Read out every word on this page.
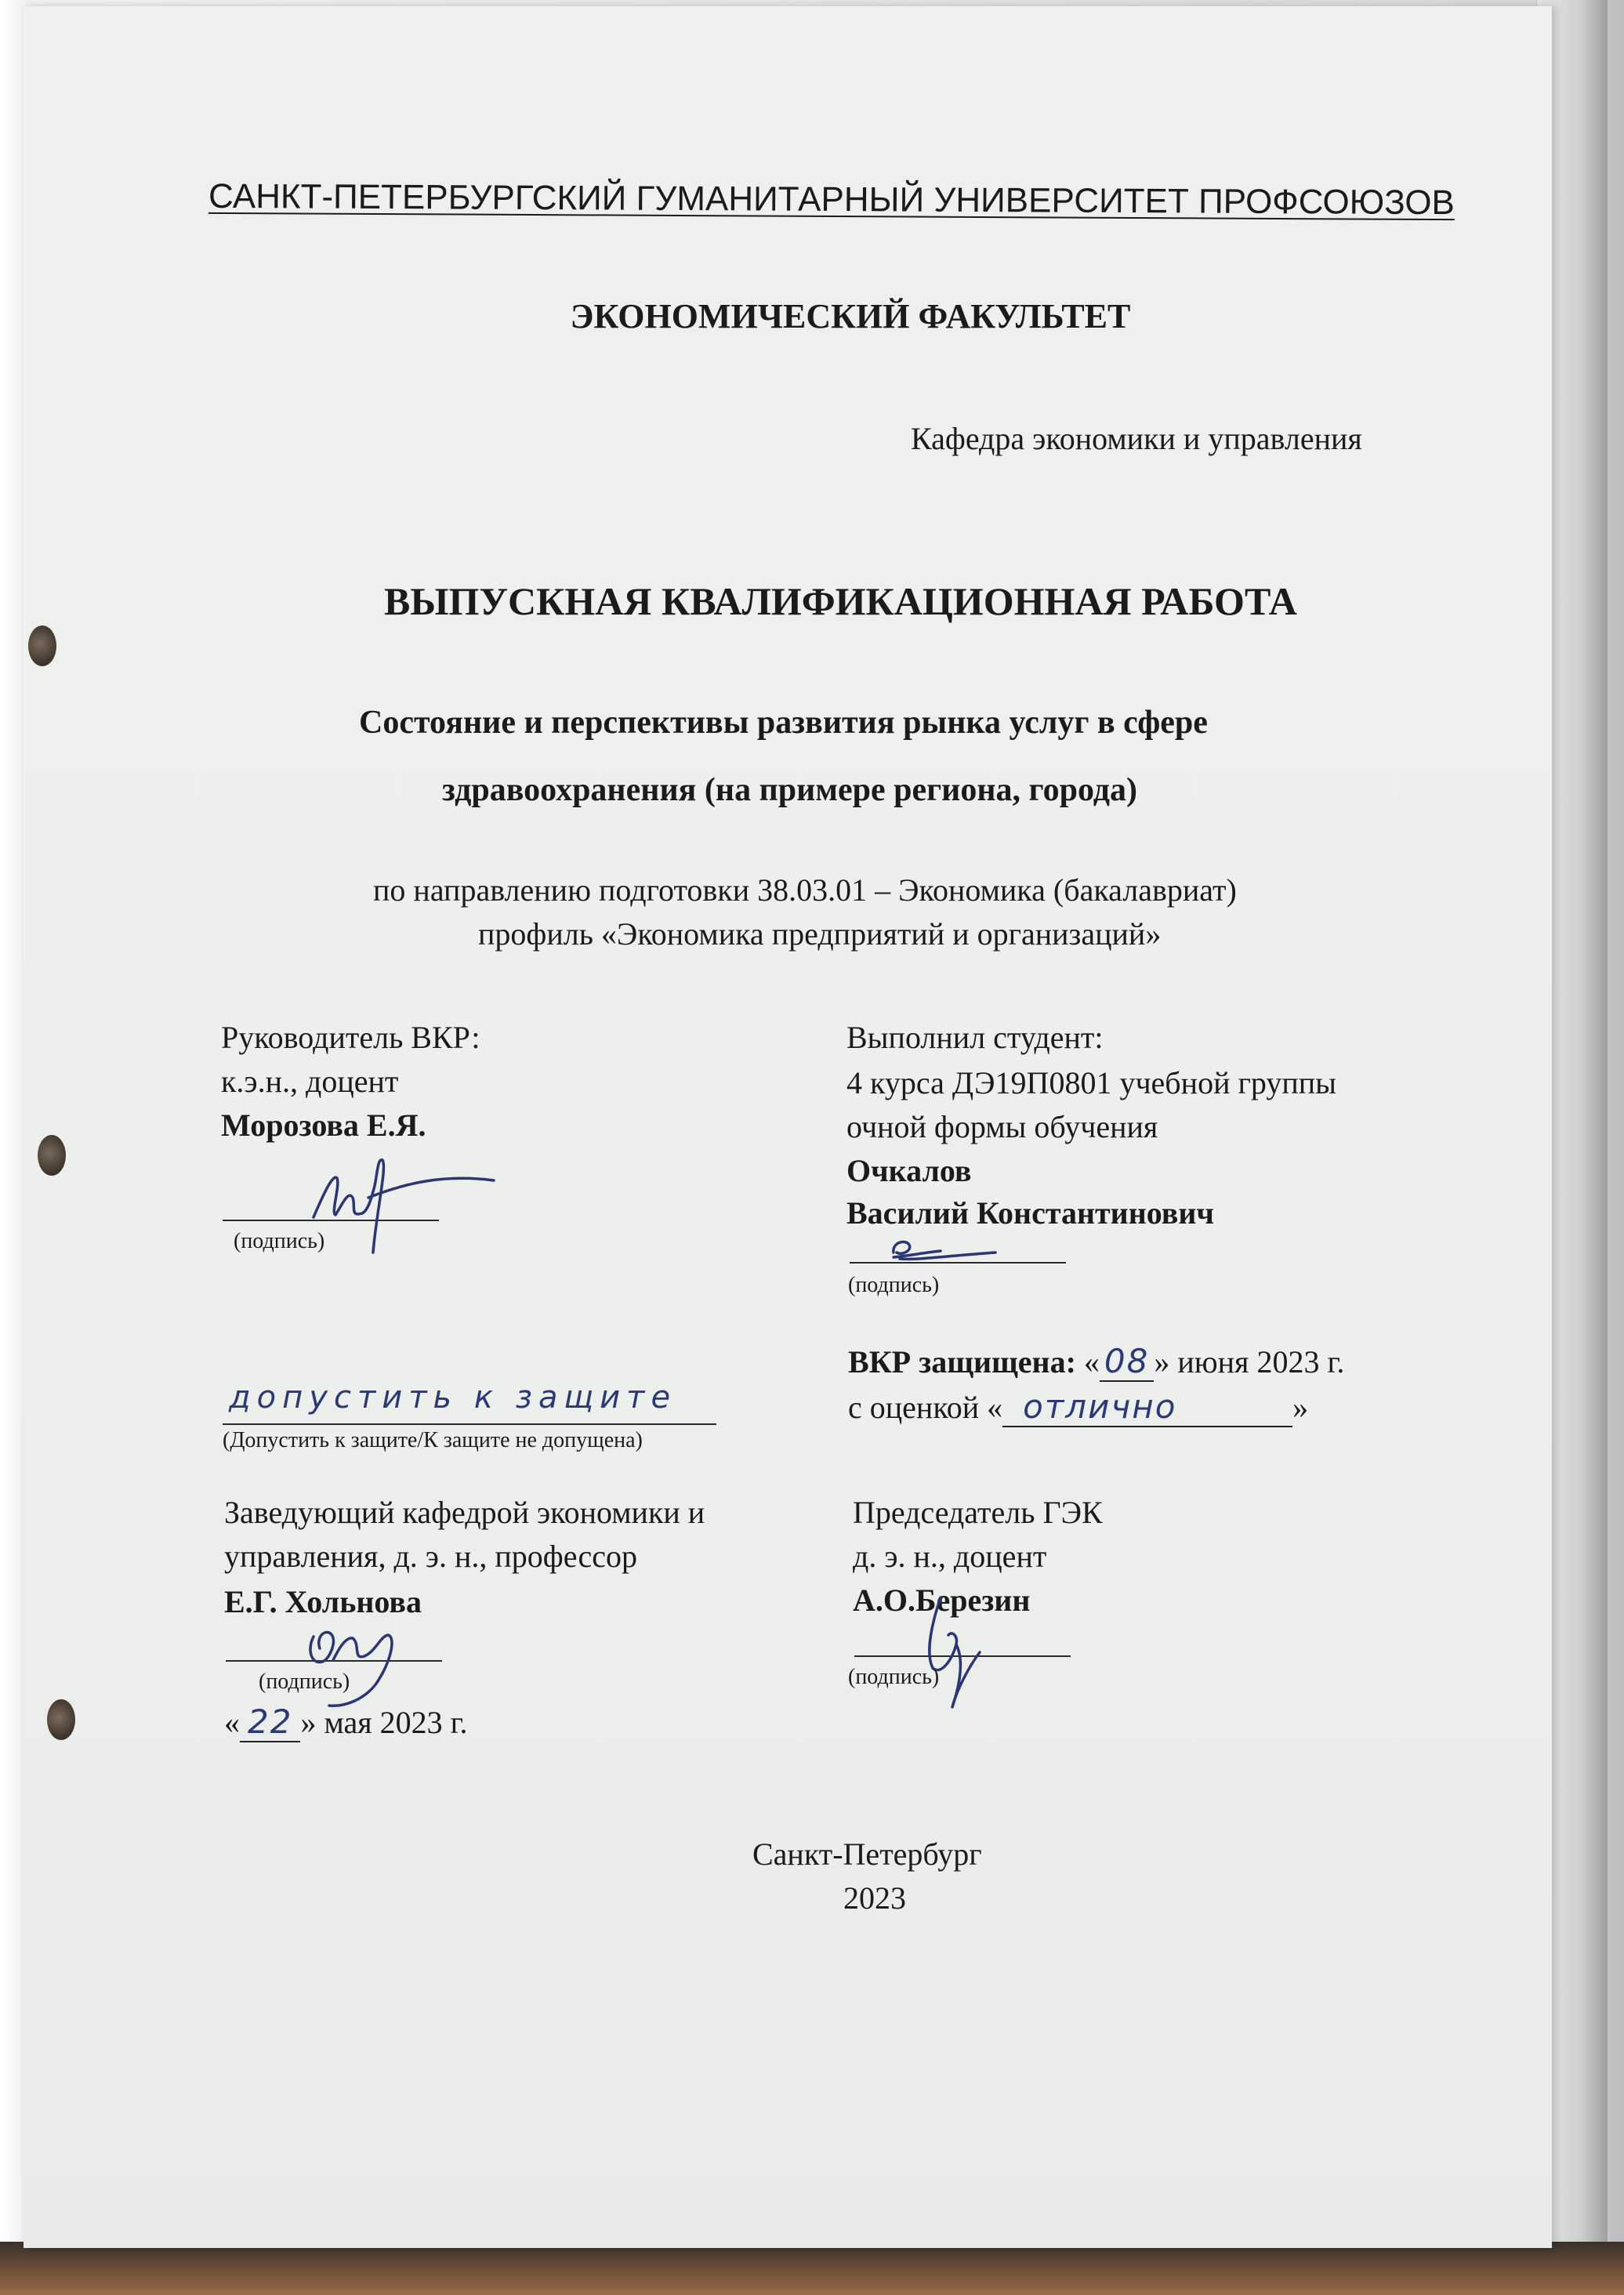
САНКТ-ПЕТЕРБУРГСКИЙ ГУМАНИТАРНЫЙ УНИВЕРСИТЕТ ПРОФСОЮЗОВ
ЭКОНОМИЧЕСКИЙ ФАКУЛЬТЕТ
Кафедра экономики и управления
ВЫПУСКНАЯ КВАЛИФИКАЦИОННАЯ РАБОТА
Состояние и перспективы развития рынка услуг в сфере
здравоохранения (на примере региона, города)
по направлению подготовки 38.03.01 – Экономика (бакалавриат)
профиль «Экономика предприятий и организаций»
Руководитель ВКР:
к.э.н., доцент
Морозова Е.Я.
(подпись)
Выполнил студент:
4 курса ДЭ19П0801 учебной группы
очной формы обучения
Очкалов
Василий Константинович
(подпись)
ВКР защищена: « 08 » июня 2023 г.
с оценкой « отлично	»
допустить к защите
(Допустить к защите/К защите не допущена)
Заведующий кафедрой экономики и
управления, д. э. н., профессор
Е.Г. Хольнова
(подпись)
« 22 » мая 2023 г.
Председатель ГЭК
д. э. н., доцент
А.О.Березин
(подпись)
Санкт-Петербург
2023
